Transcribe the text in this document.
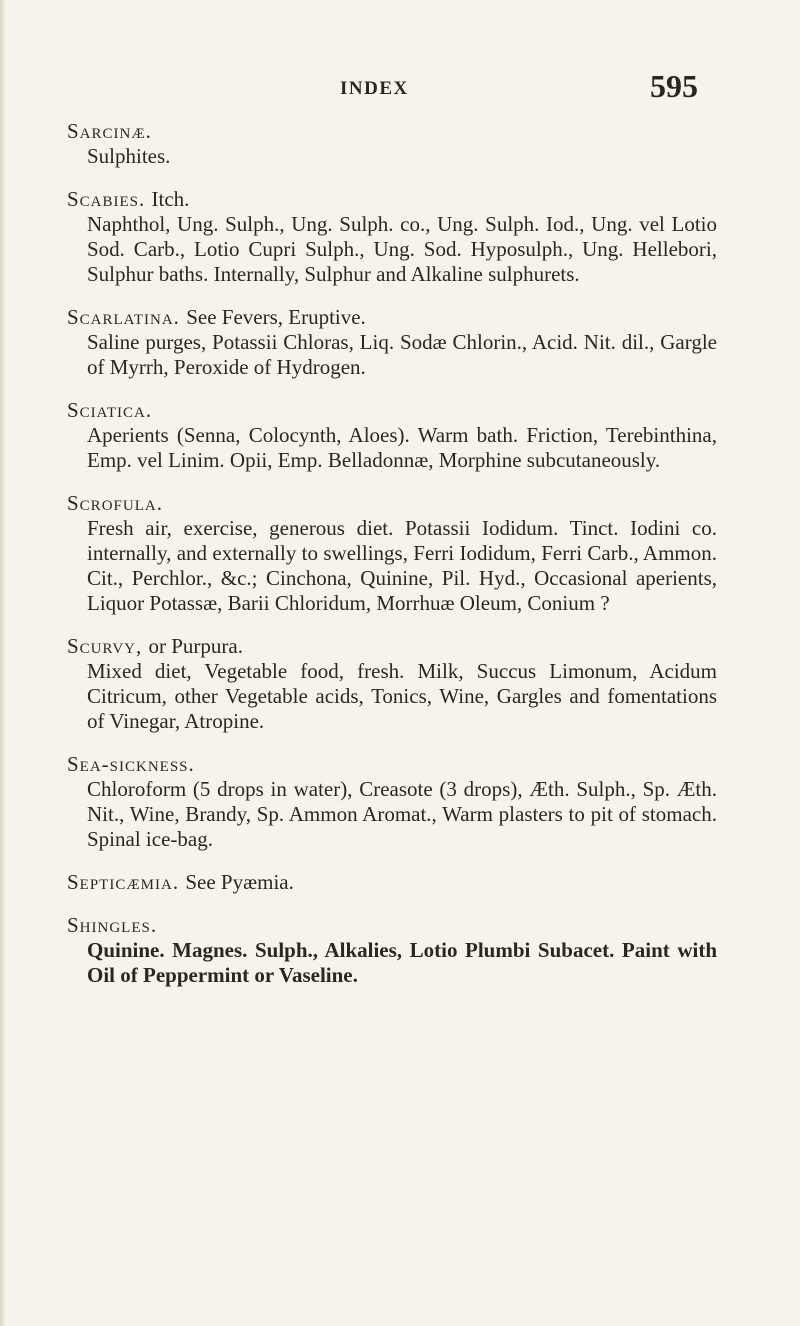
INDEX	595

Sarcinæ.

Sulphites.

Scabies. Itch.

Naphthol, Ung. Sulph., Ung. Sulph. co., Ung. Sulph. Iod., Ung. vel Lotio Sod. Carb., Lotio Cupri Sulph., Ung. Sod. Hyposulph., Ung. Hellebori, Sulphur baths. Internally, Sulphur and Alkaline sulphurets.

Scarlatina. See Fevers, Eruptive.

Saline purges, Potassii Chloras, Liq. Sodæ Chlorin., Acid. Nit. dil., Gargle of Myrrh, Peroxide of Hydrogen.

Sciatica.

Aperients (Senna, Colocynth, Aloes). Warm bath. Friction, Terebinthina, Emp. vel Linim. Opii, Emp. Belladonnæ, Morphine subcutaneously.

Scrofula.

Fresh air, exercise, generous diet. Potassii Iodidum. Tinct. Iodini co. internally, and externally to swellings, Ferri Iodidum, Ferri Carb., Ammon. Cit., Perchlor., &c.; Cinchona, Quinine, Pil. Hyd., Occasional aperients, Liquor Potassæ, Barii Chloridum, Morrhuæ Oleum, Conium ?

Scurvy, or Purpura.

Mixed diet, Vegetable food, fresh. Milk, Succus Limonum, Acidum Citricum, other Vegetable acids, Tonics, Wine, Gargles and fomentations of Vinegar, Atropine.

Sea-sickness.

Chloroform (5 drops in water), Creasote (3 drops), Æth. Sulph., Sp. Æth. Nit., Wine, Brandy, Sp. Ammon Aromat., Warm plasters to pit of stomach. Spinal ice-bag.

Septicæmia. See Pyæmia.

Shingles.

Quinine. Magnes. Sulph., Alkalies, Lotio Plumbi Subacet. Paint with Oil of Peppermint or Vaseline.
